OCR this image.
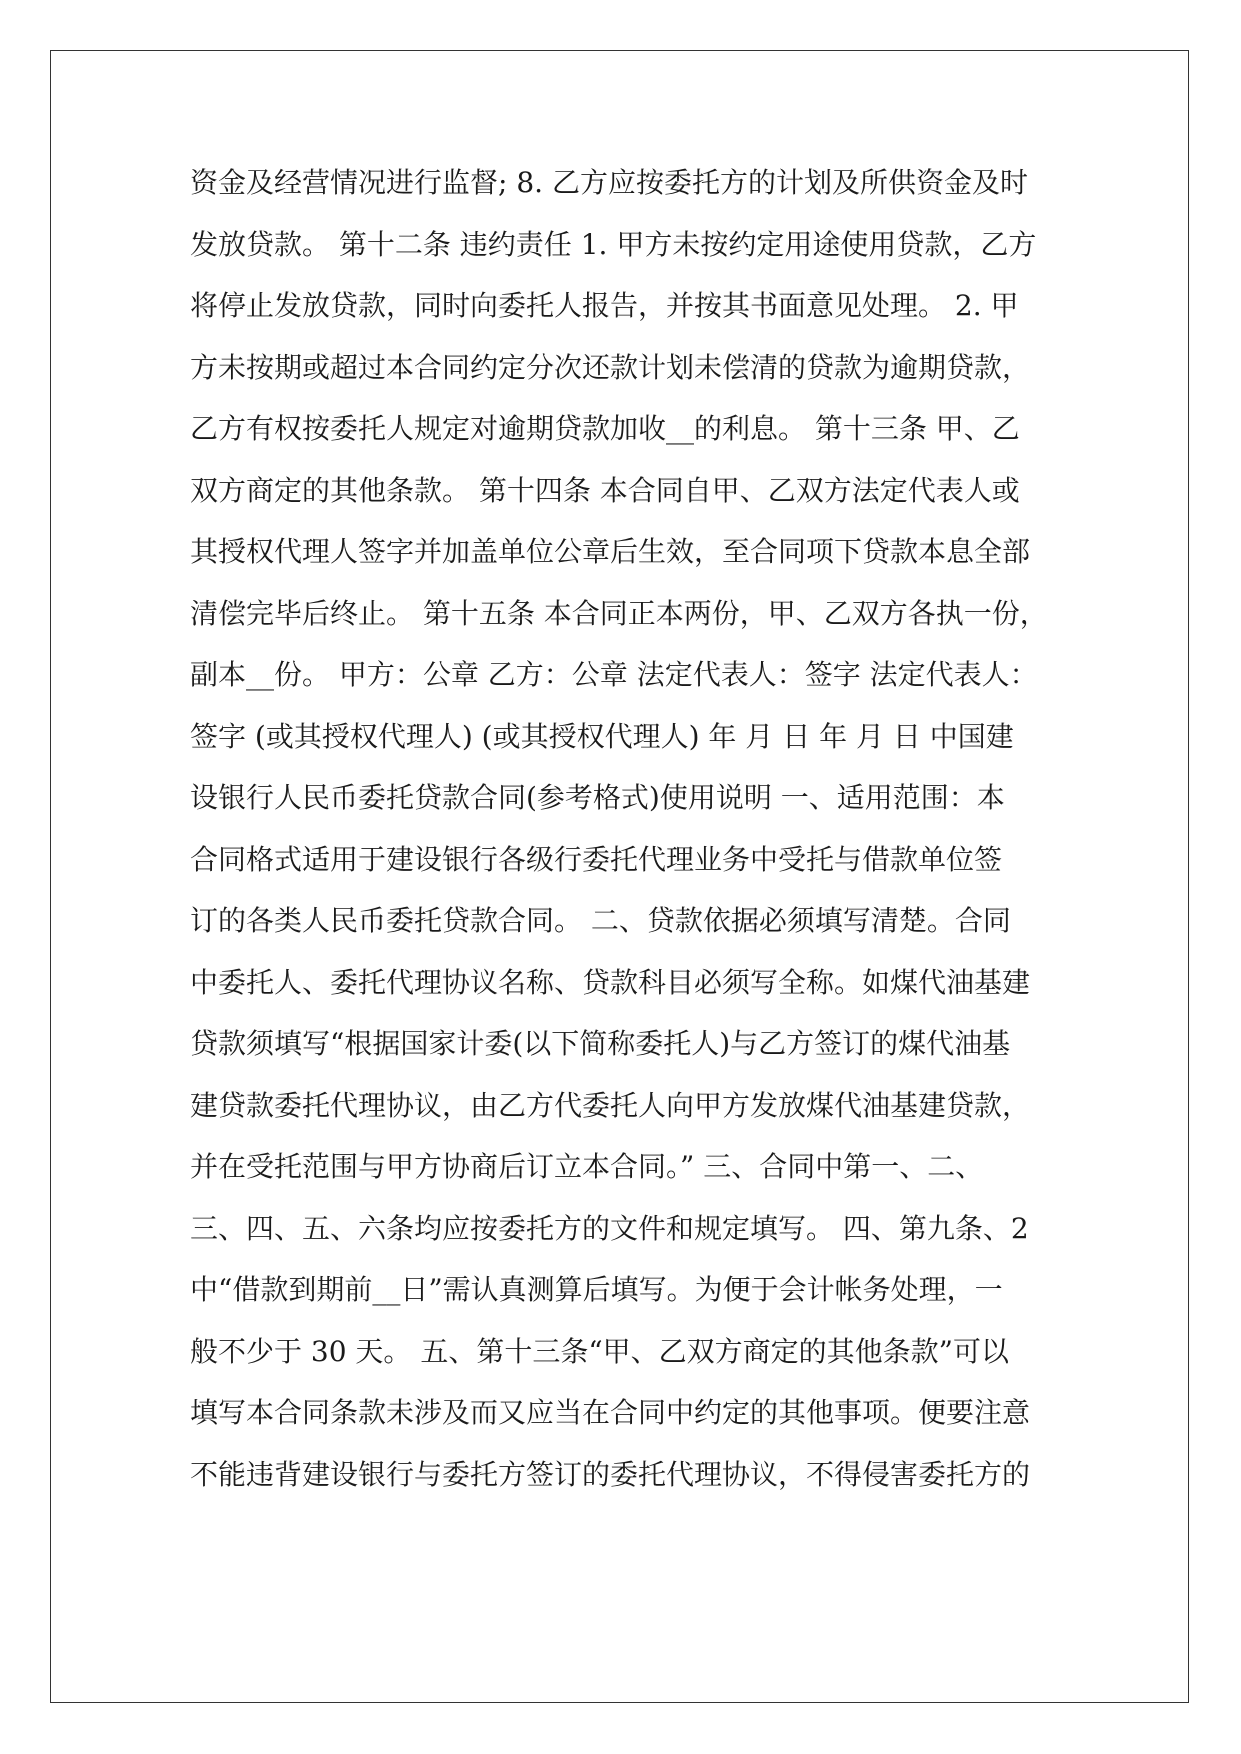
资金及经营情况进行监督; 8. 乙方应按委托方的计划及所供资金及时
发放贷款。 第十二条 违约责任 1. 甲方未按约定用途使用贷款，乙方
将停止发放贷款，同时向委托人报告，并按其书面意见处理。 2. 甲
方未按期或超过本合同约定分次还款计划未偿清的贷款为逾期贷款，
乙方有权按委托人规定对逾期贷款加收__的利息。 第十三条 甲、乙
双方商定的其他条款。 第十四条 本合同自甲、乙双方法定代表人或
其授权代理人签字并加盖单位公章后生效，至合同项下贷款本息全部
清偿完毕后终止。 第十五条 本合同正本两份，甲、乙双方各执一份，
副本__份。 甲方：公章 乙方：公章 法定代表人：签字 法定代表人：
签字 (或其授权代理人) (或其授权代理人) 年 月 日 年 月 日 中国建
设银行人民币委托贷款合同(参考格式)使用说明 一、适用范围：本
合同格式适用于建设银行各级行委托代理业务中受托与借款单位签
订的各类人民币委托贷款合同。 二、贷款依据必须填写清楚。合同
中委托人、委托代理协议名称、贷款科目必须写全称。如煤代油基建
贷款须填写“根据国家计委(以下简称委托人)与乙方签订的煤代油基
建贷款委托代理协议，由乙方代委托人向甲方发放煤代油基建贷款，
并在受托范围与甲方协商后订立本合同。” 三、合同中第一、二、
三、四、五、六条均应按委托方的文件和规定填写。 四、第九条、2
中“借款到期前__日”需认真测算后填写。为便于会计帐务处理，一
般不少于 30 天。 五、第十三条“甲、乙双方商定的其他条款”可以
填写本合同条款未涉及而又应当在合同中约定的其他事项。便要注意
不能违背建设银行与委托方签订的委托代理协议，不得侵害委托方的
